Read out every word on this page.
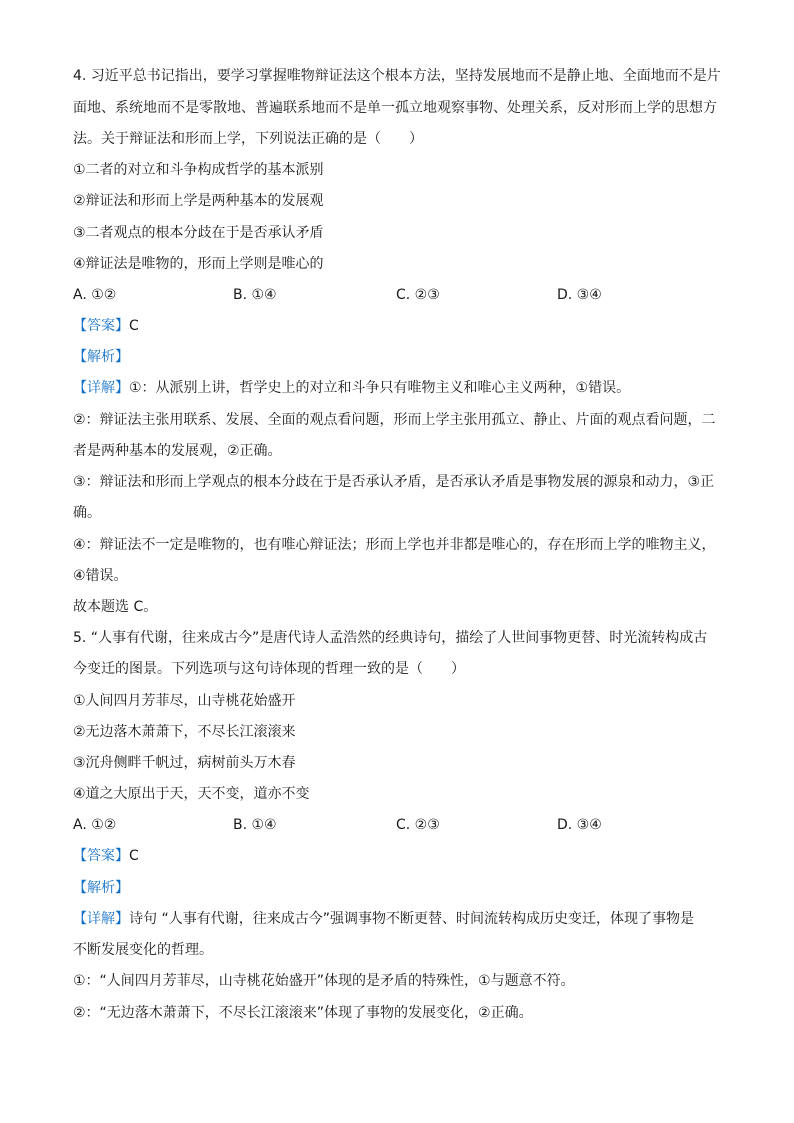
4. 习近平总书记指出，要学习掌握唯物辩证法这个根本方法，坚持发展地而不是静止地、全面地而不是片
面地、系统地而不是零散地、普遍联系地而不是单一孤立地观察事物、处理关系，反对形而上学的思想方
法。关于辩证法和形而上学，下列说法正确的是（　　）
①二者的对立和斗争构成哲学的基本派别
②辩证法和形而上学是两种基本的发展观
③二者观点的根本分歧在于是否承认矛盾
④辩证法是唯物的，形而上学则是唯心的
A. ①②	B. ①④	C. ②③	D. ③④
【答案】C
【解析】
【详解】①：从派别上讲，哲学史上的对立和斗争只有唯物主义和唯心主义两种，①错误。
②：辩证法主张用联系、发展、全面的观点看问题，形而上学主张用孤立、静止、片面的观点看问题，二
者是两种基本的发展观，②正确。
③：辩证法和形而上学观点的根本分歧在于是否承认矛盾，是否承认矛盾是事物发展的源泉和动力，③正
确。
④：辩证法不一定是唯物的，也有唯心辩证法；形而上学也并非都是唯心的，存在形而上学的唯物主义，
④错误。
故本题选 C。
5. “人事有代谢，往来成古今”是唐代诗人孟浩然的经典诗句，描绘了人世间事物更替、时光流转构成古
今变迁的图景。下列选项与这句诗体现的哲理一致的是（　　）
①人间四月芳菲尽，山寺桃花始盛开
②无边落木萧萧下，不尽长江滚滚来
③沉舟侧畔千帆过，病树前头万木春
④道之大原出于天，天不变，道亦不变
A. ①②	B. ①④	C. ②③	D. ③④
【答案】C
【解析】
【详解】诗句 “人事有代谢，往来成古今”强调事物不断更替、时间流转构成历史变迁，体现了事物是
不断发展变化的哲理。
①：“人间四月芳菲尽，山寺桃花始盛开”体现的是矛盾的特殊性，①与题意不符。
②：“无边落木萧萧下，不尽长江滚滚来”体现了事物的发展变化，②正确。
